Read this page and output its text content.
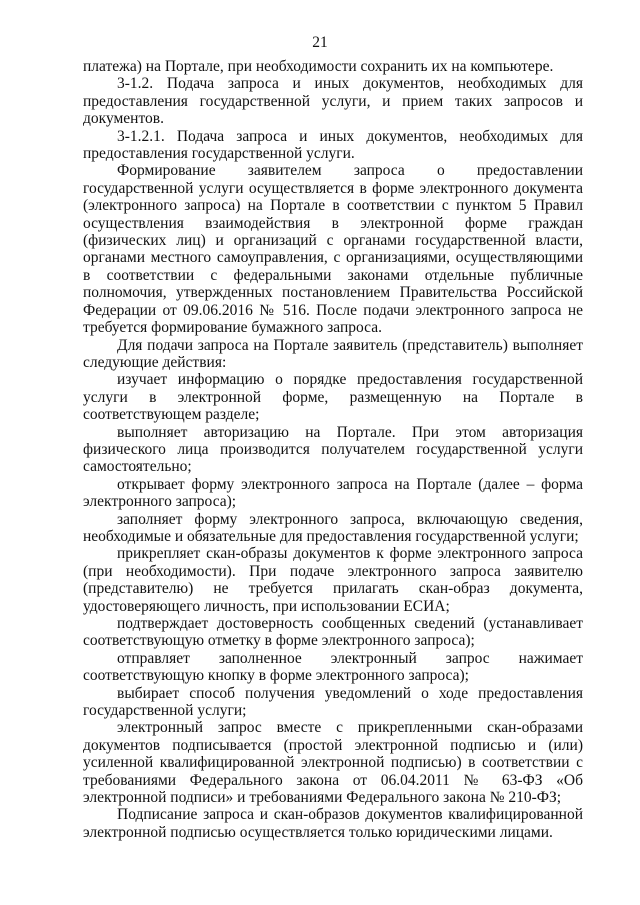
21

платежа) на Портале, при необходимости сохранить их на компьютере.

3-1.2. Подача запроса и иных документов, необходимых для предоставления государственной услуги, и прием таких запросов и документов.

3-1.2.1. Подача запроса и иных документов, необходимых для предоставления государственной услуги.

Формирование заявителем запроса о предоставлении государственной услуги осуществляется в форме электронного документа (электронного запроса) на Портале в соответствии с пунктом 5 Правил осуществления взаимодействия в электронной форме граждан (физических лиц) и организаций с органами государственной власти, органами местного самоуправления, с организациями, осуществляющими в соответствии с федеральными законами отдельные публичные полномочия, утвержденных постановлением Правительства Российской Федерации от 09.06.2016 № 516. После подачи электронного запроса не требуется формирование бумажного запроса.

Для подачи запроса на Портале заявитель (представитель) выполняет следующие действия:

изучает информацию о порядке предоставления государственной услуги в электронной форме, размещенную на Портале в соответствующем разделе;

выполняет авторизацию на Портале. При этом авторизация физического лица производится получателем государственной услуги самостоятельно;

открывает форму электронного запроса на Портале (далее – форма электронного запроса);

заполняет форму электронного запроса, включающую сведения, необходимые и обязательные для предоставления государственной услуги;

прикрепляет скан-образы документов к форме электронного запроса (при необходимости). При подаче электронного запроса заявителю (представителю) не требуется прилагать скан-образ документа, удостоверяющего личность, при использовании ЕСИА;

подтверждает достоверность сообщенных сведений (устанавливает соответствующую отметку в форме электронного запроса);

отправляет заполненное электронный запрос нажимает соответствующую кнопку в форме электронного запроса);

выбирает способ получения уведомлений о ходе предоставления государственной услуги;

электронный запрос вместе с прикрепленными скан-образами документов подписывается (простой электронной подписью и (или) усиленной квалифицированной электронной подписью) в соответствии с требованиями Федерального закона от 06.04.2011 № 63-ФЗ «Об электронной подписи» и требованиями Федерального закона № 210-ФЗ;

Подписание запроса и скан-образов документов квалифицированной электронной подписью осуществляется только юридическими лицами.
